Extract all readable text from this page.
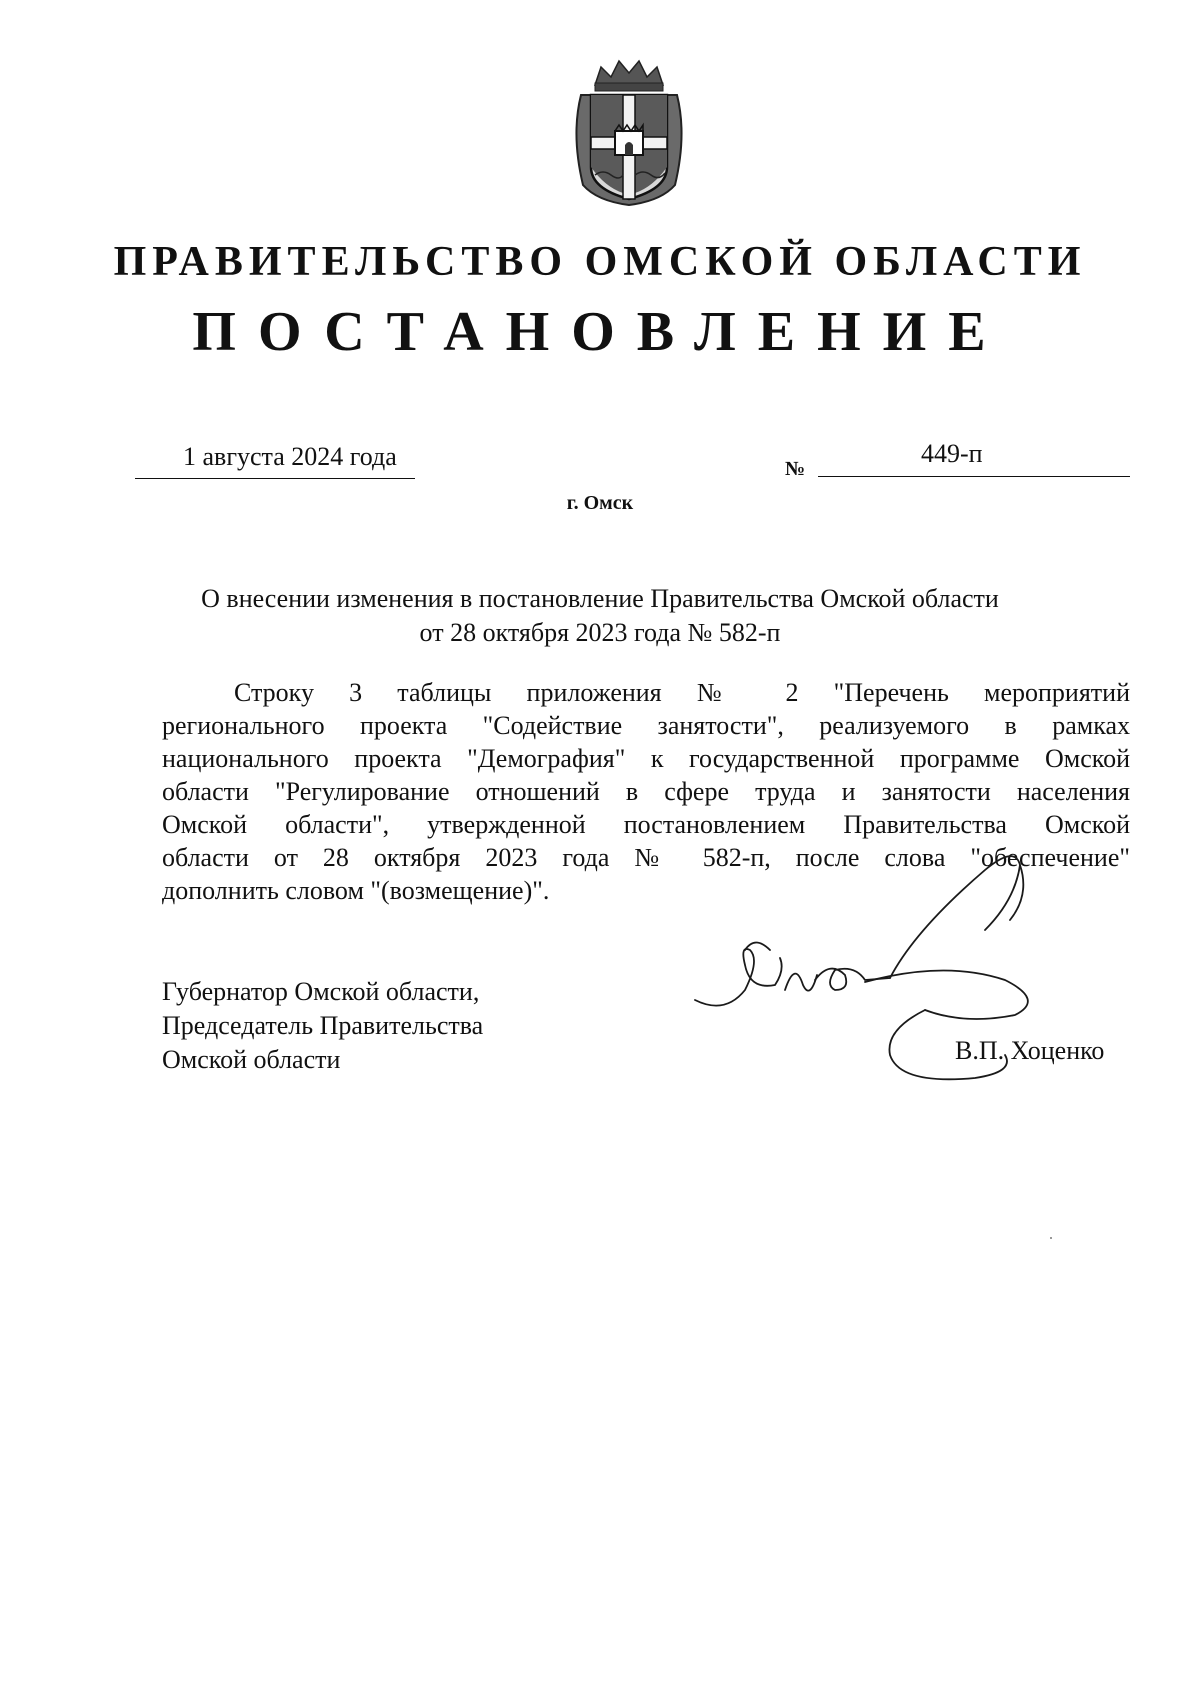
ПРАВИТЕЛЬСТВО ОМСКОЙ ОБЛАСТИ
ПОСТАНОВЛЕНИЕ
1 августа 2024 года	№
449-п
г. Омск
О внесении изменения в постановление Правительства Омской области
от 28 октября 2023 года № 582-п
Строку 3 таблицы приложения № 2 "Перечень мероприятий
регионального проекта "Содействие занятости", реализуемого в рамках
национального проекта "Демография" к государственной программе Омской
области "Регулирование отношений в сфере труда и занятости населения
Омской области", утвержденной постановлением Правительства Омской
области от 28 октября 2023 года № 582-п, после слова "обеспечение"
дополнить словом "(возмещение)".
Губернатор Омской области,
Председатель Правительства
Омской области	В.П. Хоценко
